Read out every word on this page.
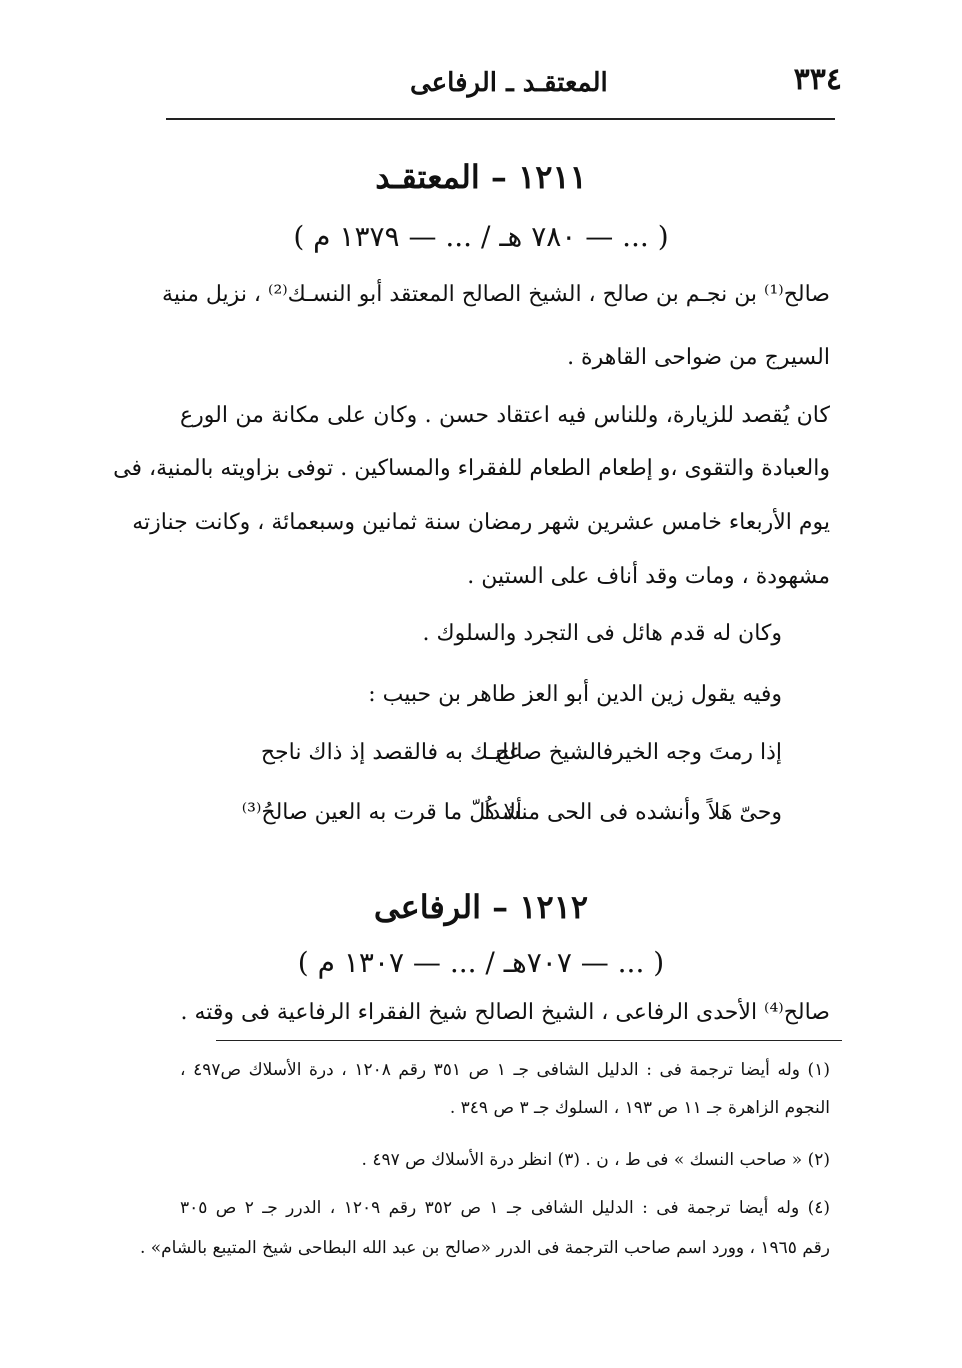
٣٣٤
المعتقـد ـ الرفاعى
١٢١١ – المعتقـد
( ... — ٧٨٠ هـ / ... — ١٣٧٩ م )
صالح⁽¹⁾ بن نجـم بن صالح ، الشيخ الصالح المعتقد أبو النسـك⁽²⁾ ، نزيل منية
السيرج من ضواحى القاهرة .
كان يُقصد للزيارة، وللناس فيه اعتقاد حسن . وكان على مكانة من الورع
والعبادة والتقوى ،و إطعام الطعام للفقراء والمساكين . توفى بزاويته بالمنية، فى
يوم الأربعاء خامس عشرين شهر رمضان سنة ثمانين وسبعمائة ، وكانت جنازته
مشهودة ، ومات وقد أناف على الستين .
وكان له قدم هائل فى التجرد والسلوك .
وفيه يقول زين الدين أبو العز طاهر بن حبيب :
إذا رمتَ وجه الخيرفالشيخ صالح
عليـك به فالقصد إذ ذاك ناجح
وحىّ هَلاً وأنشده فى الحى منشدا
ألا كُلّ ما قرت به العين صالحُ⁽³⁾
١٢١٢ – الرفاعى
( ... — ٧٠٧هـ / ... — ١٣٠٧ م )
صالح⁽⁴⁾ الأحدى الرفاعى ، الشيخ الصالح شيخ الفقراء الرفاعية فى وقته .
(١) وله أيضا ترجمة فى : الدليل الشافى جـ ١ ص ٣٥١ رقم ١٢٠٨ ، درة الأسلاك ص٤٩٧ ،
النجوم الزاهرة جـ ١١ ص ١٩٣ ، السلوك جـ ٣ ص ٣٤٩ .
(٢) « صاحب النسك » فى ط ، ن . (٣) انظر درة الأسلاك ص ٤٩٧ .
(٤) وله أيضا ترجمة فى : الدليل الشافى جـ ١ ص ٣٥٢ رقم ١٢٠٩ ، الدرر جـ ٢ ص ٣٠٥
رقم ١٩٦٥ ، وورد اسم صاحب الترجمة فى الدرر «صالح بن عبد الله البطاحى شيخ المتيبع بالشام» .
